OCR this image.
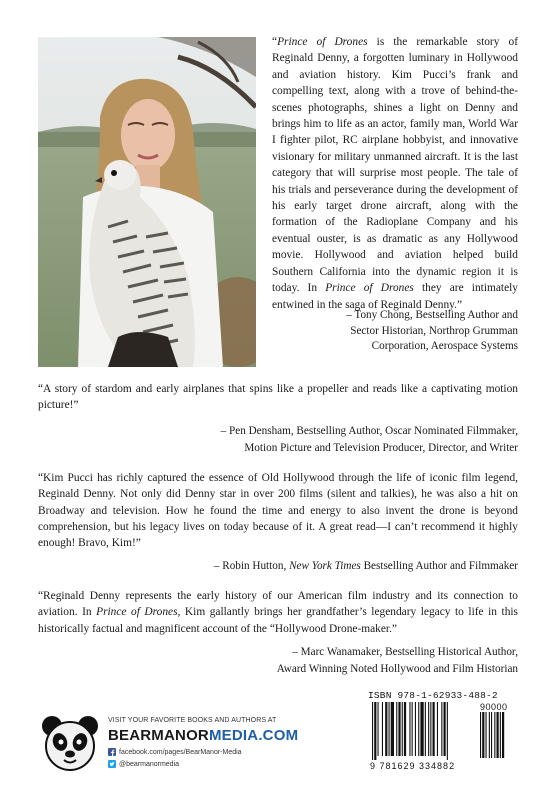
“Prince of Drones is the remarkable story of Reginald Denny, a forgotten luminary in Hollywood and aviation history. Kim Pucci’s frank and compelling text, along with a trove of behind-the-scenes photographs, shines a light on Denny and brings him to life as an actor, family man, World War I fighter pilot, RC airplane hobbyist, and innovative visionary for military unmanned aircraft. It is the last category that will surprise most people. The tale of his trials and perseverance during the development of his early target drone aircraft, along with the formation of the Radioplane Company and his eventual ouster, is as dramatic as any Hollywood movie. Hollywood and aviation helped build Southern California into the dynamic region it is today. In Prince of Drones they are intimately entwined in the saga of Reginald Denny.”

– Tony Chong, Bestselling Author and

Sector Historian, Northrop Grumman

Corporation, Aerospace Systems

“A story of stardom and early airplanes that spins like a propeller and reads like a captivating motion picture!”

– Pen Densham, Bestselling Author, Oscar Nominated Filmmaker,

Motion Picture and Television Producer, Director, and Writer

“Kim Pucci has richly captured the essence of Old Hollywood through the life of iconic film legend, Reginald Denny. Not only did Denny star in over 200 films (silent and talkies), he was also a hit on Broadway and television. How he found the time and energy to also invent the drone is beyond comprehension, but his legacy lives on today because of it. A great read—I can’t recommend it highly enough! Bravo, Kim!”

– Robin Hutton, New York Times Bestselling Author and Filmmaker

“Reginald Denny represents the early history of our American film industry and its connection to aviation. In Prince of Drones, Kim gallantly brings her grandfather’s legendary legacy to life in this historically factual and magnificent account of the “Hollywood Drone-maker.”

– Marc Wanamaker, Bestselling Historical Author,

Award Winning Noted Hollywood and Film Historian

VISIT YOUR FAVORITE BOOKS AND AUTHORS AT
BEARMANORMEDIA.COM
facebook.com/pages/BearManor-Media
@bearmanormedia
ISBN 978-1-62933-488-2
90000
9 781629 334882
